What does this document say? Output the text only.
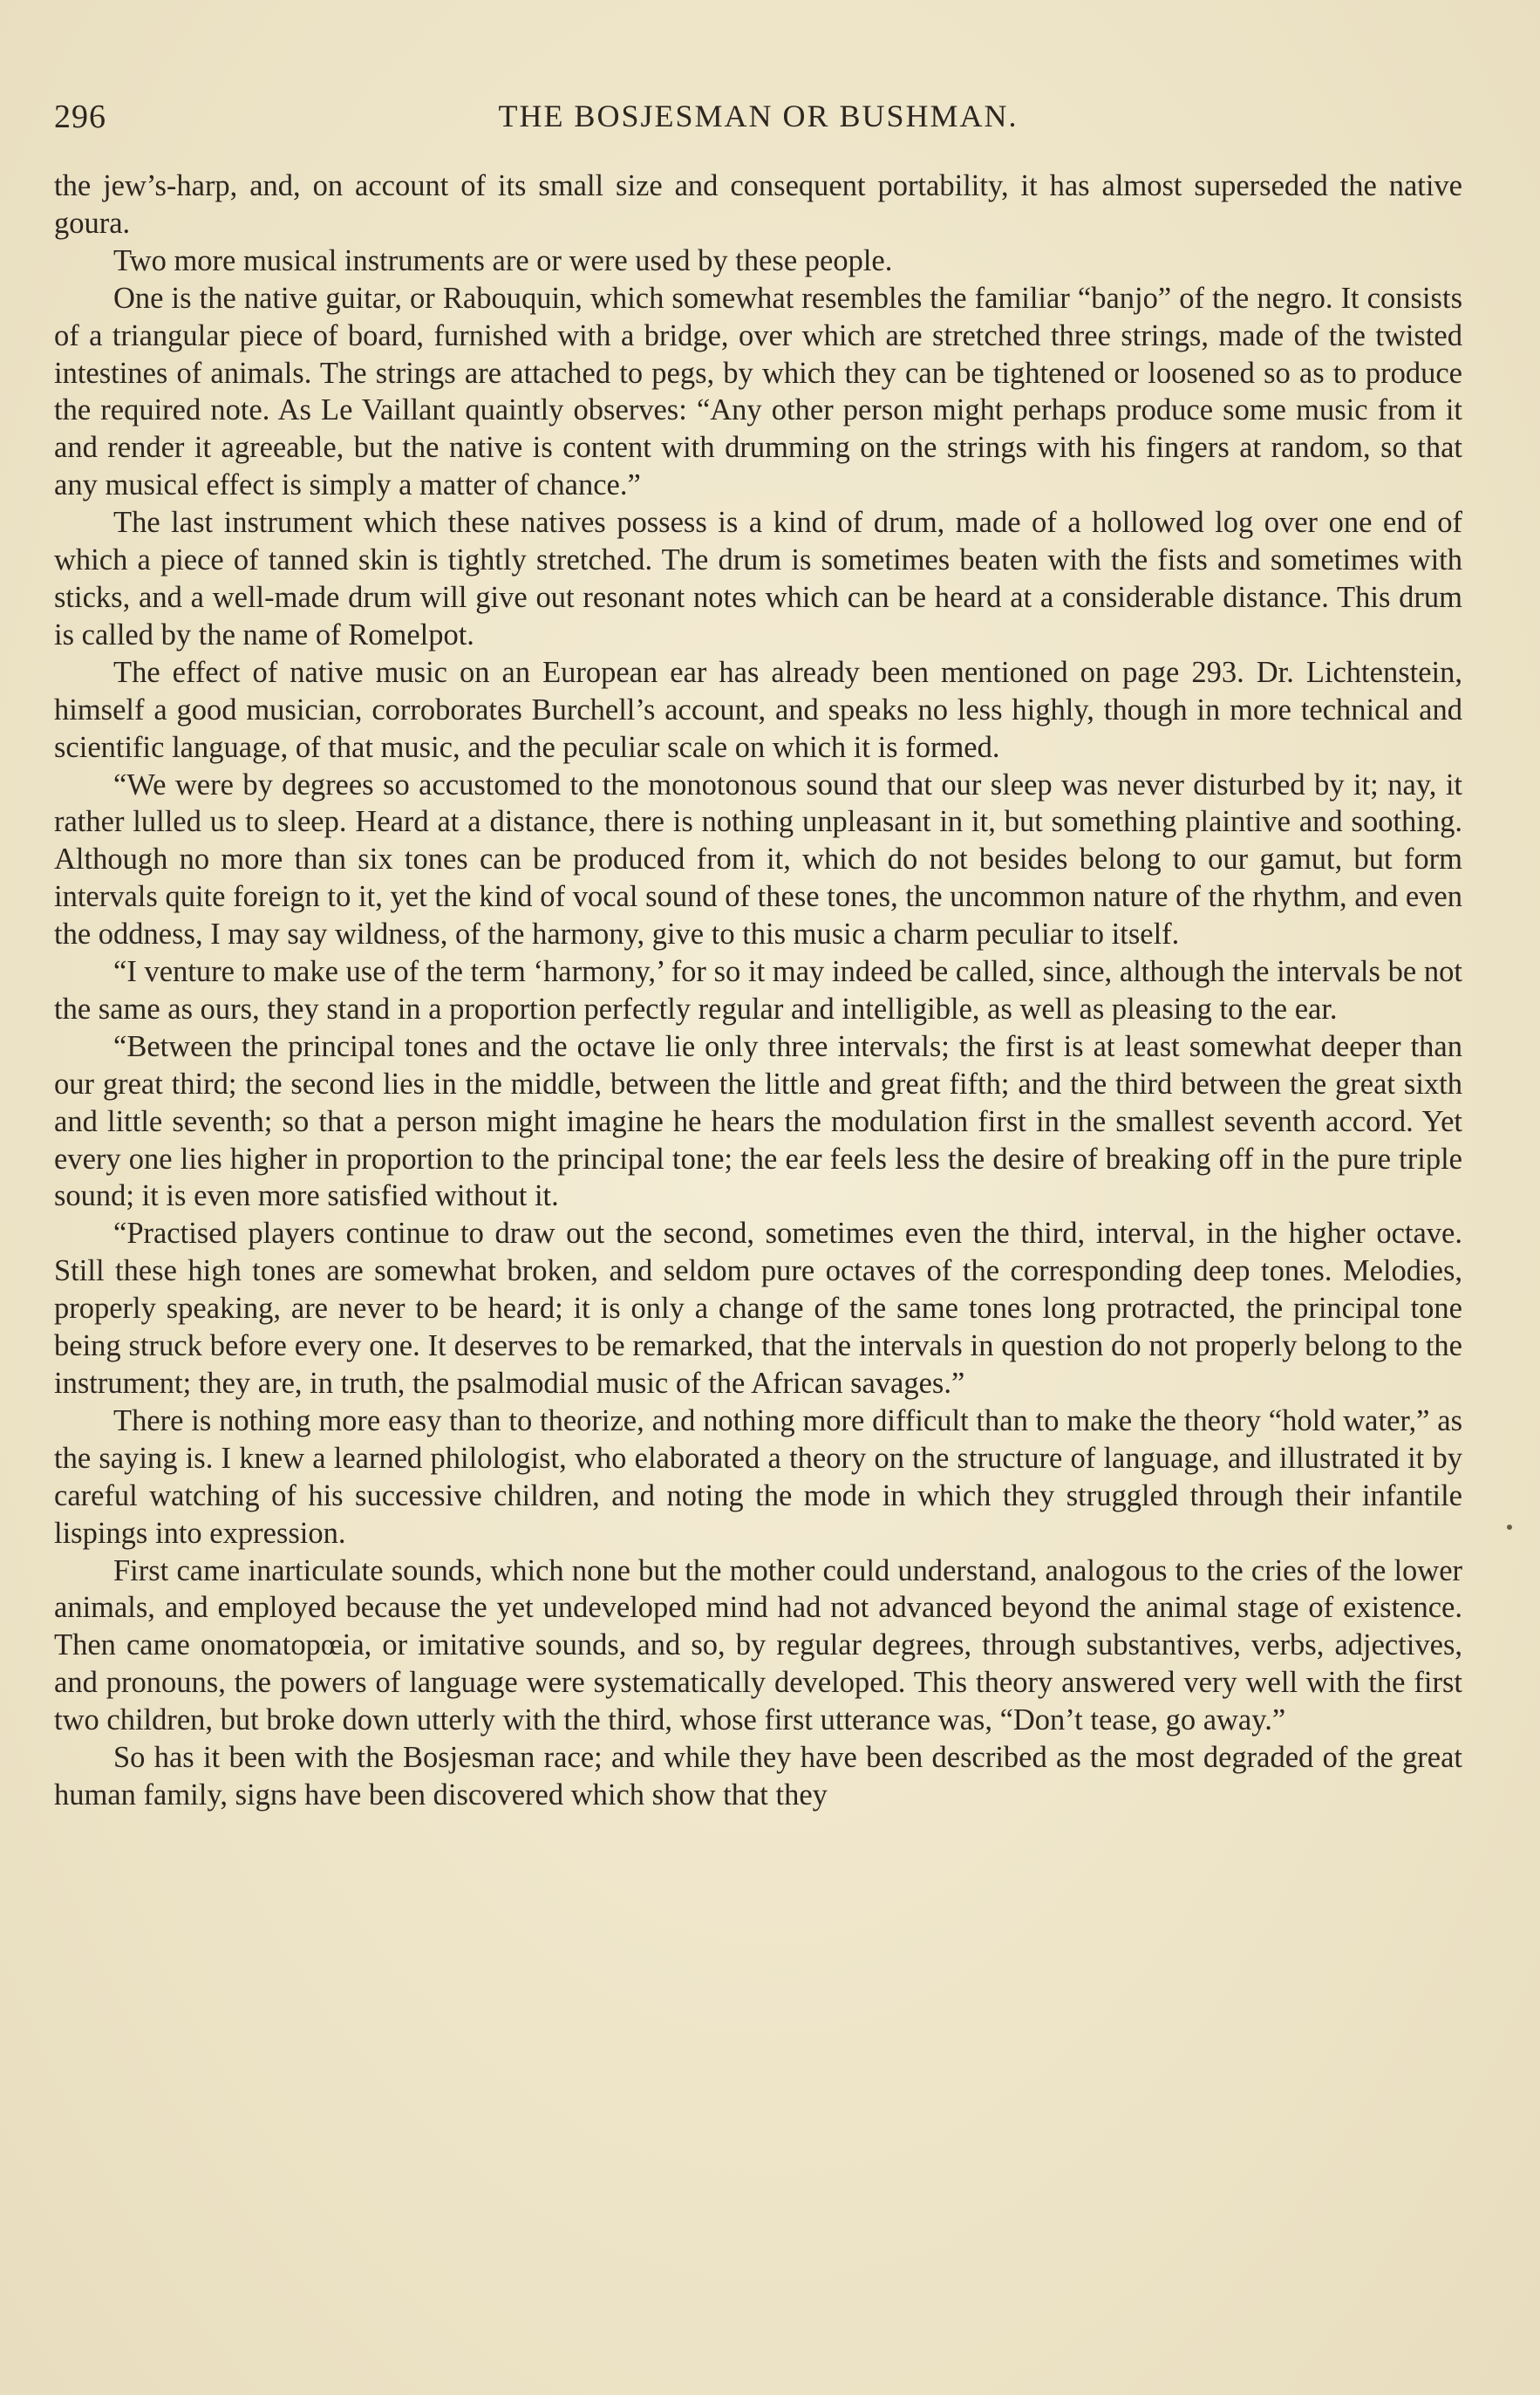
296	THE BOSJESMAN OR BUSHMAN.

the jew’s-harp, and, on account of its small size and consequent portability, it has almost superseded the native goura.

Two more musical instruments are or were used by these people.

One is the native guitar, or Rabouquin, which somewhat resembles the familiar “banjo” of the negro. It consists of a triangular piece of board, furnished with a bridge, over which are stretched three strings, made of the twisted intestines of animals. The strings are attached to pegs, by which they can be tightened or loosened so as to produce the required note. As Le Vaillant quaintly observes: “Any other person might perhaps produce some music from it and render it agreeable, but the native is content with drumming on the strings with his fingers at random, so that any musical effect is simply a matter of chance.”

The last instrument which these natives possess is a kind of drum, made of a hollowed log over one end of which a piece of tanned skin is tightly stretched. The drum is sometimes beaten with the fists and sometimes with sticks, and a well-made drum will give out resonant notes which can be heard at a considerable distance. This drum is called by the name of Romelpot.

The effect of native music on an European ear has already been mentioned on page 293. Dr. Lichtenstein, himself a good musician, corroborates Burchell’s account, and speaks no less highly, though in more technical and scientific language, of that music, and the peculiar scale on which it is formed.

“We were by degrees so accustomed to the monotonous sound that our sleep was never disturbed by it; nay, it rather lulled us to sleep. Heard at a distance, there is nothing unpleasant in it, but something plaintive and soothing. Although no more than six tones can be produced from it, which do not besides belong to our gamut, but form intervals quite foreign to it, yet the kind of vocal sound of these tones, the uncommon nature of the rhythm, and even the oddness, I may say wildness, of the harmony, give to this music a charm peculiar to itself.

“I venture to make use of the term ‘harmony,’ for so it may indeed be called, since, although the intervals be not the same as ours, they stand in a proportion perfectly regular and intelligible, as well as pleasing to the ear.

“Between the principal tones and the octave lie only three intervals; the first is at least somewhat deeper than our great third; the second lies in the middle, between the little and great fifth; and the third between the great sixth and little seventh; so that a person might imagine he hears the modulation first in the smallest seventh accord. Yet every one lies higher in proportion to the principal tone; the ear feels less the desire of breaking off in the pure triple sound; it is even more satisfied without it.

“Practised players continue to draw out the second, sometimes even the third, interval, in the higher octave. Still these high tones are somewhat broken, and seldom pure octaves of the corresponding deep tones. Melodies, properly speaking, are never to be heard; it is only a change of the same tones long protracted, the principal tone being struck before every one. It deserves to be remarked, that the intervals in question do not properly belong to the instrument; they are, in truth, the psalmodial music of the African savages.”

There is nothing more easy than to theorize, and nothing more difficult than to make the theory “hold water,” as the saying is. I knew a learned philologist, who elaborated a theory on the structure of language, and illustrated it by careful watching of his successive children, and noting the mode in which they struggled through their infantile lispings into expression.

First came inarticulate sounds, which none but the mother could understand, analogous to the cries of the lower animals, and employed because the yet undeveloped mind had not advanced beyond the animal stage of existence. Then came onomatopœia, or imitative sounds, and so, by regular degrees, through substantives, verbs, adjectives, and pronouns, the powers of language were systematically developed. This theory answered very well with the first two children, but broke down utterly with the third, whose first utterance was, “Don’t tease, go away.”

So has it been with the Bosjesman race; and while they have been described as the most degraded of the great human family, signs have been discovered which show that they
